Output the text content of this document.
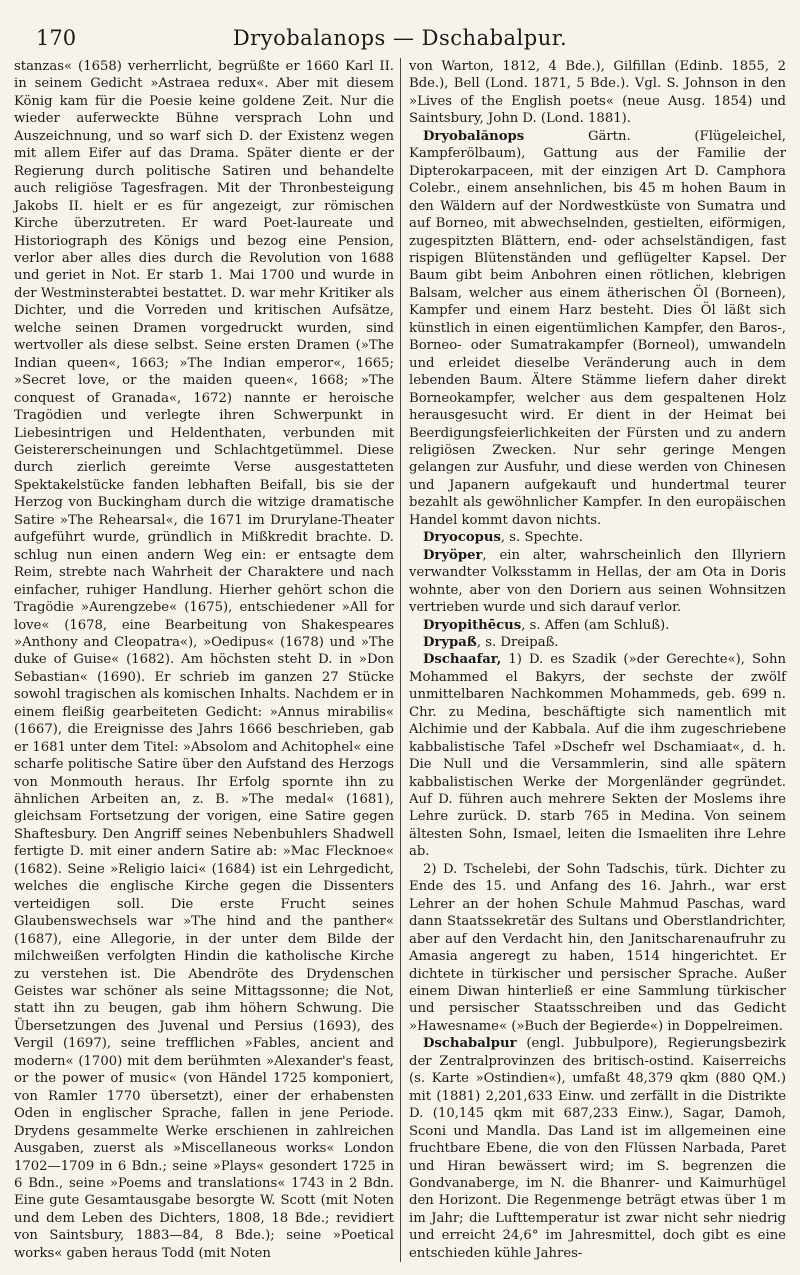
170	Dryobalanops — Dschabalpur.

stanzas« (1658) verherrlicht, begrüßte er 1660 Karl II. in seinem Gedicht »Astraea redux«. Aber mit diesem König kam für die Poesie keine goldene Zeit. Nur die wieder auferweckte Bühne versprach Lohn und Auszeichnung, und so warf sich D. der Existenz wegen mit allem Eifer auf das Drama. Später diente er der Regierung durch politische Satiren und behandelte auch religiöse Tagesfragen. Mit der Thronbesteigung Jakobs II. hielt er es für angezeigt, zur römischen Kirche überzutreten. Er ward Poet-laureate und Historiograph des Königs und bezog eine Pension, verlor aber alles dies durch die Revolution von 1688 und geriet in Not. Er starb 1. Mai 1700 und wurde in der Westminsterabtei bestattet. D. war mehr Kritiker als Dichter, und die Vorreden und kritischen Aufsätze, welche seinen Dramen vorgedruckt wurden, sind wertvoller als diese selbst. Seine ersten Dramen (»The Indian queen«, 1663; »The Indian emperor«, 1665; »Secret love, or the maiden queen«, 1668; »The conquest of Granada«, 1672) nannte er heroische Tragödien und verlegte ihren Schwerpunkt in Liebesintrigen und Heldenthaten, verbunden mit Geistererscheinungen und Schlachtgetümmel. Diese durch zierlich gereimte Verse ausgestatteten Spektakelstücke fanden lebhaften Beifall, bis sie der Herzog von Buckingham durch die witzige dramatische Satire »The Rehearsal«, die 1671 im Drurylane-Theater aufgeführt wurde, gründlich in Mißkredit brachte. D. schlug nun einen andern Weg ein: er entsagte dem Reim, strebte nach Wahrheit der Charaktere und nach einfacher, ruhiger Handlung. Hierher gehört schon die Tragödie »Aurengzebe« (1675), entschiedener »All for love« (1678, eine Bearbeitung von Shakespeares »Anthony and Cleopatra«), »Oedipus« (1678) und »The duke of Guise« (1682). Am höchsten steht D. in »Don Sebastian« (1690). Er schrieb im ganzen 27 Stücke sowohl tragischen als komischen Inhalts. Nachdem er in einem fleißig gearbeiteten Gedicht: »Annus mirabilis« (1667), die Ereignisse des Jahrs 1666 beschrieben, gab er 1681 unter dem Titel: »Absolom and Achitophel« eine scharfe politische Satire über den Aufstand des Herzogs von Monmouth heraus. Ihr Erfolg spornte ihn zu ähnlichen Arbeiten an, z. B. »The medal« (1681), gleichsam Fortsetzung der vorigen, eine Satire gegen Shaftesbury. Den Angriff seines Nebenbuhlers Shadwell fertigte D. mit einer andern Satire ab: »Mac Flecknoe« (1682). Seine »Religio laici« (1684) ist ein Lehrgedicht, welches die englische Kirche gegen die Dissenters verteidigen soll. Die erste Frucht seines Glaubenswechsels war »The hind and the panther« (1687), eine Allegorie, in der unter dem Bilde der milchweißen verfolgten Hindin die katholische Kirche zu verstehen ist. Die Abendröte des Drydenschen Geistes war schöner als seine Mittagssonne; die Not, statt ihn zu beugen, gab ihm höhern Schwung. Die Übersetzungen des Juvenal und Persius (1693), des Vergil (1697), seine trefflichen »Fables, ancient and modern« (1700) mit dem berühmten »Alexander's feast, or the power of music« (von Händel 1725 komponiert, von Ramler 1770 übersetzt), einer der erhabensten Oden in englischer Sprache, fallen in jene Periode. Drydens gesammelte Werke erschienen in zahlreichen Ausgaben, zuerst als »Miscellaneous works« London 1702—1709 in 6 Bdn.; seine »Plays« gesondert 1725 in 6 Bdn., seine »Poems and translations« 1743 in 2 Bdn. Eine gute Gesamtausgabe besorgte W. Scott (mit Noten und dem Leben des Dichters, 1808, 18 Bde.; revidiert von Saintsbury, 1883—84, 8 Bde.); seine »Poetical works« gaben heraus Todd (mit Noten

von Warton, 1812, 4 Bde.), Gilfillan (Edinb. 1855, 2 Bde.), Bell (Lond. 1871, 5 Bde.). Vgl. S. Johnson in den »Lives of the English poets« (neue Ausg. 1854) und Saintsbury, John D. (Lond. 1881).

Dryobalănops Gärtn. (Flügeleichel, Kampferölbaum), Gattung aus der Familie der Dipterokarpaceen, mit der einzigen Art D. Camphora Colebr., einem ansehnlichen, bis 45 m hohen Baum in den Wäldern auf der Nordwestküste von Sumatra und auf Borneo, mit abwechselnden, gestielten, eiförmigen, zugespitzten Blättern, end- oder achselständigen, fast rispigen Blütenständen und geflügelter Kapsel. Der Baum gibt beim Anbohren einen rötlichen, klebrigen Balsam, welcher aus einem ätherischen Öl (Borneen), Kampfer und einem Harz besteht. Dies Öl läßt sich künstlich in einen eigentümlichen Kampfer, den Baros-, Borneo- oder Sumatrakampfer (Borneol), umwandeln und erleidet dieselbe Veränderung auch in dem lebenden Baum. Ältere Stämme liefern daher direkt Borneokampfer, welcher aus dem gespaltenen Holz herausgesucht wird. Er dient in der Heimat bei Beerdigungsfeierlichkeiten der Fürsten und zu andern religiösen Zwecken. Nur sehr geringe Mengen gelangen zur Ausfuhr, und diese werden von Chinesen und Japanern aufgekauft und hundertmal teurer bezahlt als gewöhnlicher Kampfer. In den europäischen Handel kommt davon nichts.

Dryocopus, s. Spechte.

Dryöper, ein alter, wahrscheinlich den Illyriern verwandter Volksstamm in Hellas, der am Ota in Doris wohnte, aber von den Doriern aus seinen Wohnsitzen vertrieben wurde und sich darauf verlor.

Dryopithēcus, s. Affen (am Schluß).

Drypaß, s. Dreipaß.

Dschaafar, 1) D. es Szadik (»der Gerechte«), Sohn Mohammed el Bakyrs, der sechste der zwölf unmittelbaren Nachkommen Mohammeds, geb. 699 n. Chr. zu Medina, beschäftigte sich namentlich mit Alchimie und der Kabbala. Auf die ihm zugeschriebene kabbalistische Tafel »Dschefr wel Dschamiaat«, d. h. Die Null und die Versammlerin, sind alle spätern kabbalistischen Werke der Morgenländer gegründet. Auf D. führen auch mehrere Sekten der Moslems ihre Lehre zurück. D. starb 765 in Medina. Von seinem ältesten Sohn, Ismael, leiten die Ismaeliten ihre Lehre ab.

2) D. Tschelebi, der Sohn Tadschis, türk. Dichter zu Ende des 15. und Anfang des 16. Jahrh., war erst Lehrer an der hohen Schule Mahmud Paschas, ward dann Staatssekretär des Sultans und Oberstlandrichter, aber auf den Verdacht hin, den Janitscharenaufruhr zu Amasia angeregt zu haben, 1514 hingerichtet. Er dichtete in türkischer und persischer Sprache. Außer einem Diwan hinterließ er eine Sammlung türkischer und persischer Staatsschreiben und das Gedicht »Hawesname« (»Buch der Begierde«) in Doppelreimen.

Dschabalpur (engl. Jubbulpore), Regierungsbezirk der Zentralprovinzen des britisch-ostind. Kaiserreichs (s. Karte »Ostindien«), umfaßt 48,379 qkm (880 QM.) mit (1881) 2,201,633 Einw. und zerfällt in die Distrikte D. (10,145 qkm mit 687,233 Einw.), Sagar, Damoh, Sconi und Mandla. Das Land ist im allgemeinen eine fruchtbare Ebene, die von den Flüssen Narbada, Paret und Hiran bewässert wird; im S. begrenzen die Gondvanaberge, im N. die Bhanrer- und Kaimurhügel den Horizont. Die Regenmenge beträgt etwas über 1 m im Jahr; die Lufttemperatur ist zwar nicht sehr niedrig und erreicht 24,6° im Jahresmittel, doch gibt es eine entschieden kühle Jahres-
